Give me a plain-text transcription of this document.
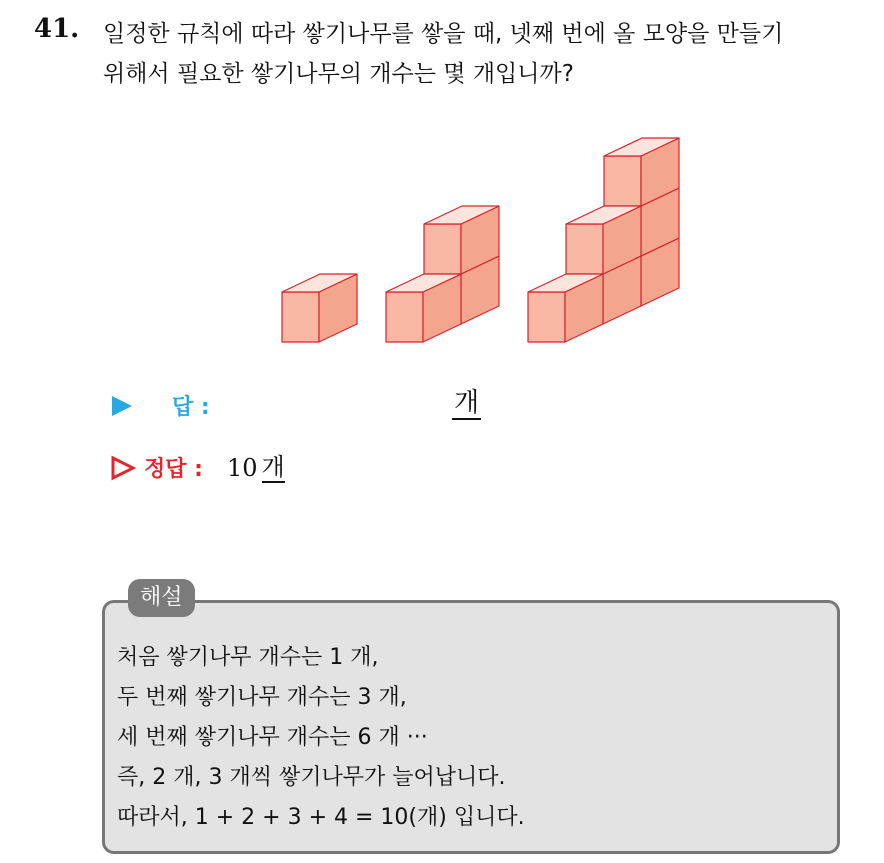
41. 일정한 규칙에 따라 쌓기나무를 쌓을 때, 넷째 번에 올 모양을 만들기
위해서 필요한 쌓기나무의 개수는 몇 개입니까?
답 :	개
정답 : 10 개
해설
처음 쌓기나무 개수는 1 개,
두 번째 쌓기나무 개수는 3 개,
세 번째 쌓기나무 개수는 6 개 ···
즉, 2 개, 3 개씩 쌓기나무가 늘어납니다.
따라서, 1 + 2 + 3 + 4 = 10(개) 입니다.
